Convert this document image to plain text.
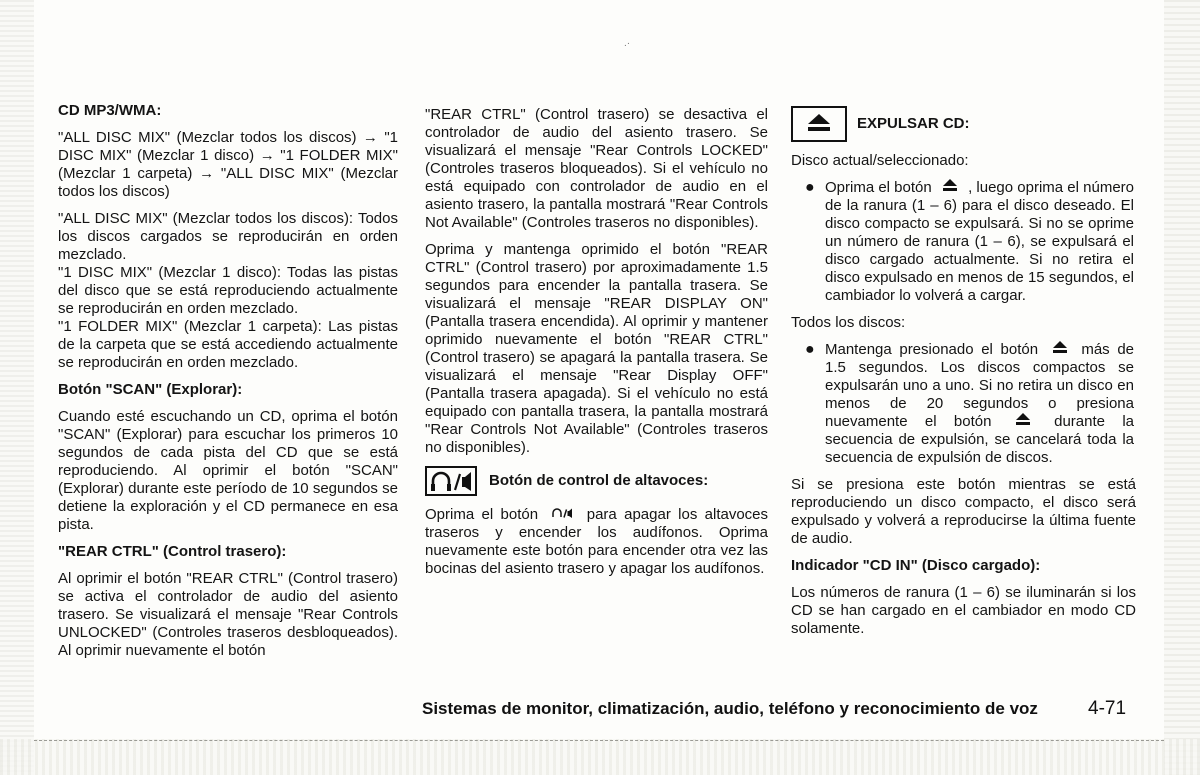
.·
CD MP3/WMA:

"ALL DISC MIX" (Mezclar todos los discos) → "1 DISC MIX" (Mezclar 1 disco) → "1 FOLDER MIX" (Mezclar 1 carpeta) → "ALL DISC MIX" (Mezclar todos los discos)

"ALL DISC MIX" (Mezclar todos los discos): Todos los discos cargados se reproducirán en orden mezclado.

"1 DISC MIX" (Mezclar 1 disco): Todas las pistas del disco que se está reproduciendo actualmente se reproducirán en orden mezclado.

"1 FOLDER MIX" (Mezclar 1 carpeta): Las pistas de la carpeta que se está accediendo actualmente se reproducirán en orden mezclado.

Botón "SCAN" (Explorar):

Cuando esté escuchando un CD, oprima el botón "SCAN" (Explorar) para escuchar los primeros 10 segundos de cada pista del CD que se está reproduciendo. Al oprimir el botón "SCAN" (Explorar) durante este período de 10 segundos se detiene la exploración y el CD permanece en esa pista.

"REAR CTRL" (Control trasero):

Al oprimir el botón "REAR CTRL" (Control trasero) se activa el controlador de audio del asiento trasero. Se visualizará el mensaje "Rear Controls UNLOCKED" (Controles traseros desbloqueados). Al oprimir nuevamente el botón

"REAR CTRL" (Control trasero) se desactiva el controlador de audio del asiento trasero. Se visualizará el mensaje "Rear Controls LOCKED" (Controles traseros bloqueados). Si el vehículo no está equipado con controlador de audio en el asiento trasero, la pantalla mostrará "Rear Controls Not Available" (Controles traseros no disponibles).

Oprima y mantenga oprimido el botón "REAR CTRL" (Control trasero) por aproximadamente 1.5 segundos para encender la pantalla trasera. Se visualizará el mensaje "REAR DISPLAY ON" (Pantalla trasera encendida). Al oprimir y mantener oprimido nuevamente el botón "REAR CTRL" (Control trasero) se apagará la pantalla trasera. Se visualizará el mensaje "Rear Display OFF" (Pantalla trasera apagada). Si el vehículo no está equipado con pantalla trasera, la pantalla mostrará "Rear Controls Not Available" (Controles traseros no disponibles).

Botón de control de altavoces:

Oprima el botón	para apagar los altavoces traseros y encender los audífonos. Oprima nuevamente este botón para encender otra vez las bocinas del asiento trasero y apagar los audífonos.

EXPULSAR CD:

Disco actual/seleccionado:

● Oprima el botón , luego oprima el número de la ranura (1 – 6) para el disco deseado. El disco compacto se expulsará. Si no se oprime un número de ranura (1 – 6), se expulsará el disco cargado actualmente. Si no retira el disco expulsado en menos de 15 segundos, el cambiador lo volverá a cargar.

Todos los discos:

● Mantenga presionado el botón	más de 1.5 segundos. Los discos compactos se expulsarán uno a uno. Si no retira un disco en menos de 20 segundos o presiona nuevamente el botón	durante la secuencia de expulsión, se cancelará toda la secuencia de expulsión de discos.

Si se presiona este botón mientras se está reproduciendo un disco compacto, el disco será expulsado y volverá a reproducirse la última fuente de audio.

Indicador "CD IN" (Disco cargado):

Los números de ranura (1 – 6) se iluminarán si los CD se han cargado en el cambiador en modo CD solamente.

Sistemas de monitor, climatización, audio, teléfono y reconocimiento de voz	4-71
